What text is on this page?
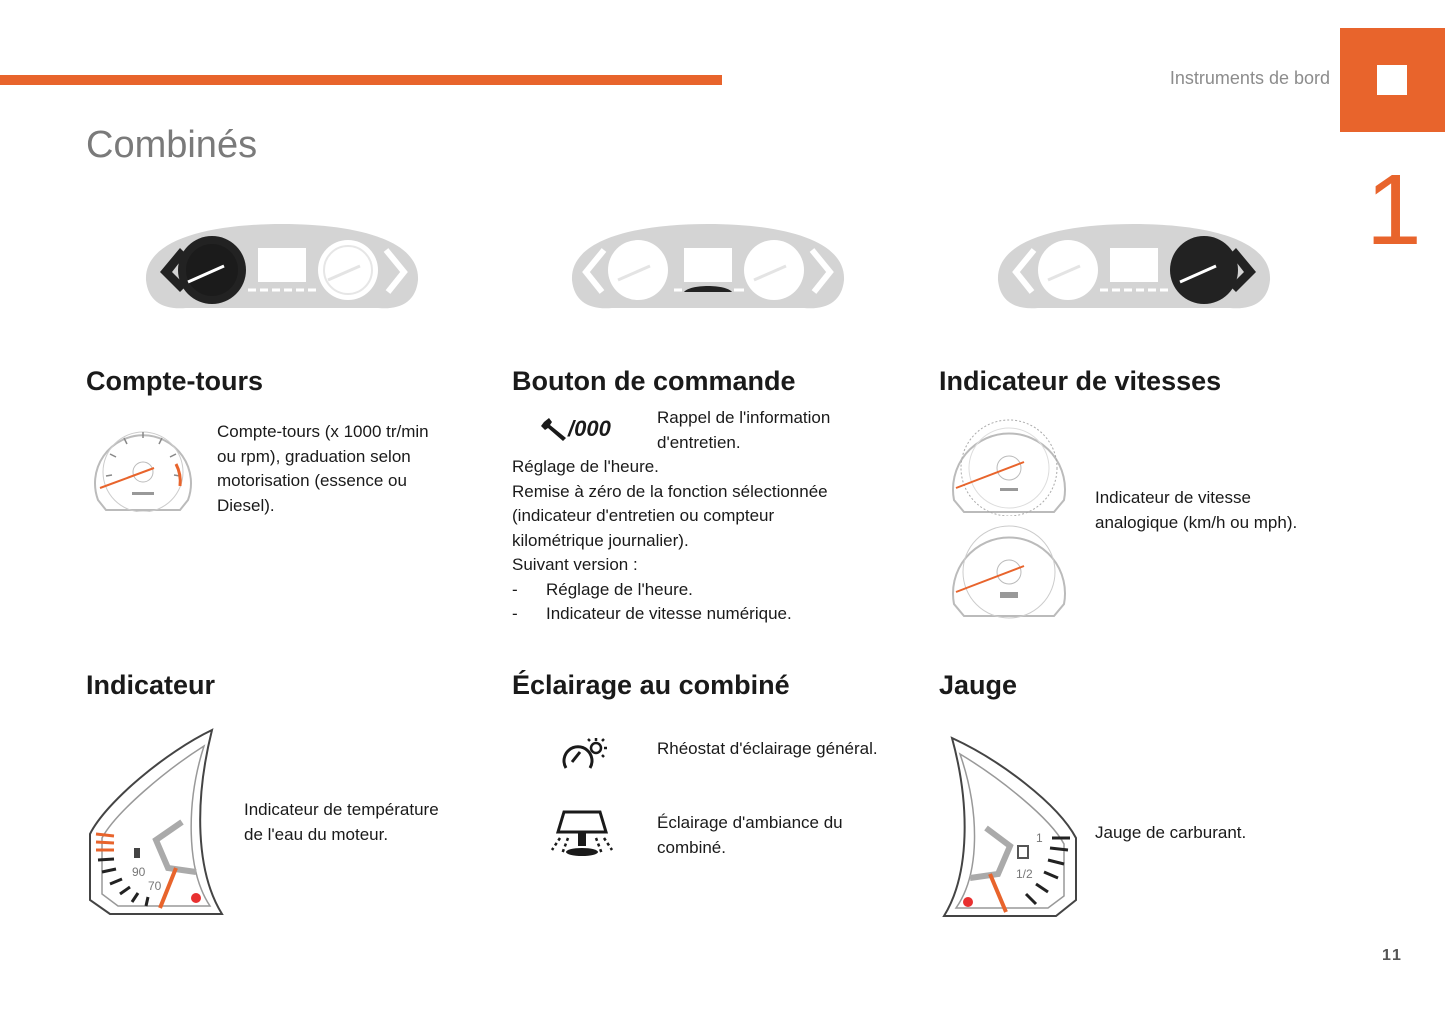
Instruments de bord
1
Combinés
Compte-tours
Compte-tours (x 1000 tr/min
ou rpm), graduation selon
motorisation (essence ou
Diesel).
Bouton de commande
/000	Rappel de l'information
d'entretien.
Réglage de l'heure.
Remise à zéro de la fonction sélectionnée
(indicateur d'entretien ou compteur
kilométrique journalier).
Suivant version :
- Réglage de l'heure.
- Indicateur de vitesse numérique.
Indicateur de vitesses
Indicateur de vitesse
analogique (km/h ou mph).
Indicateur
90
70
Indicateur de température
de l'eau du moteur.
Éclairage au combiné
Rhéostat d'éclairage général.
Éclairage d'ambiance du
combiné.
Jauge
1
1/2
Jauge de carburant.
11
